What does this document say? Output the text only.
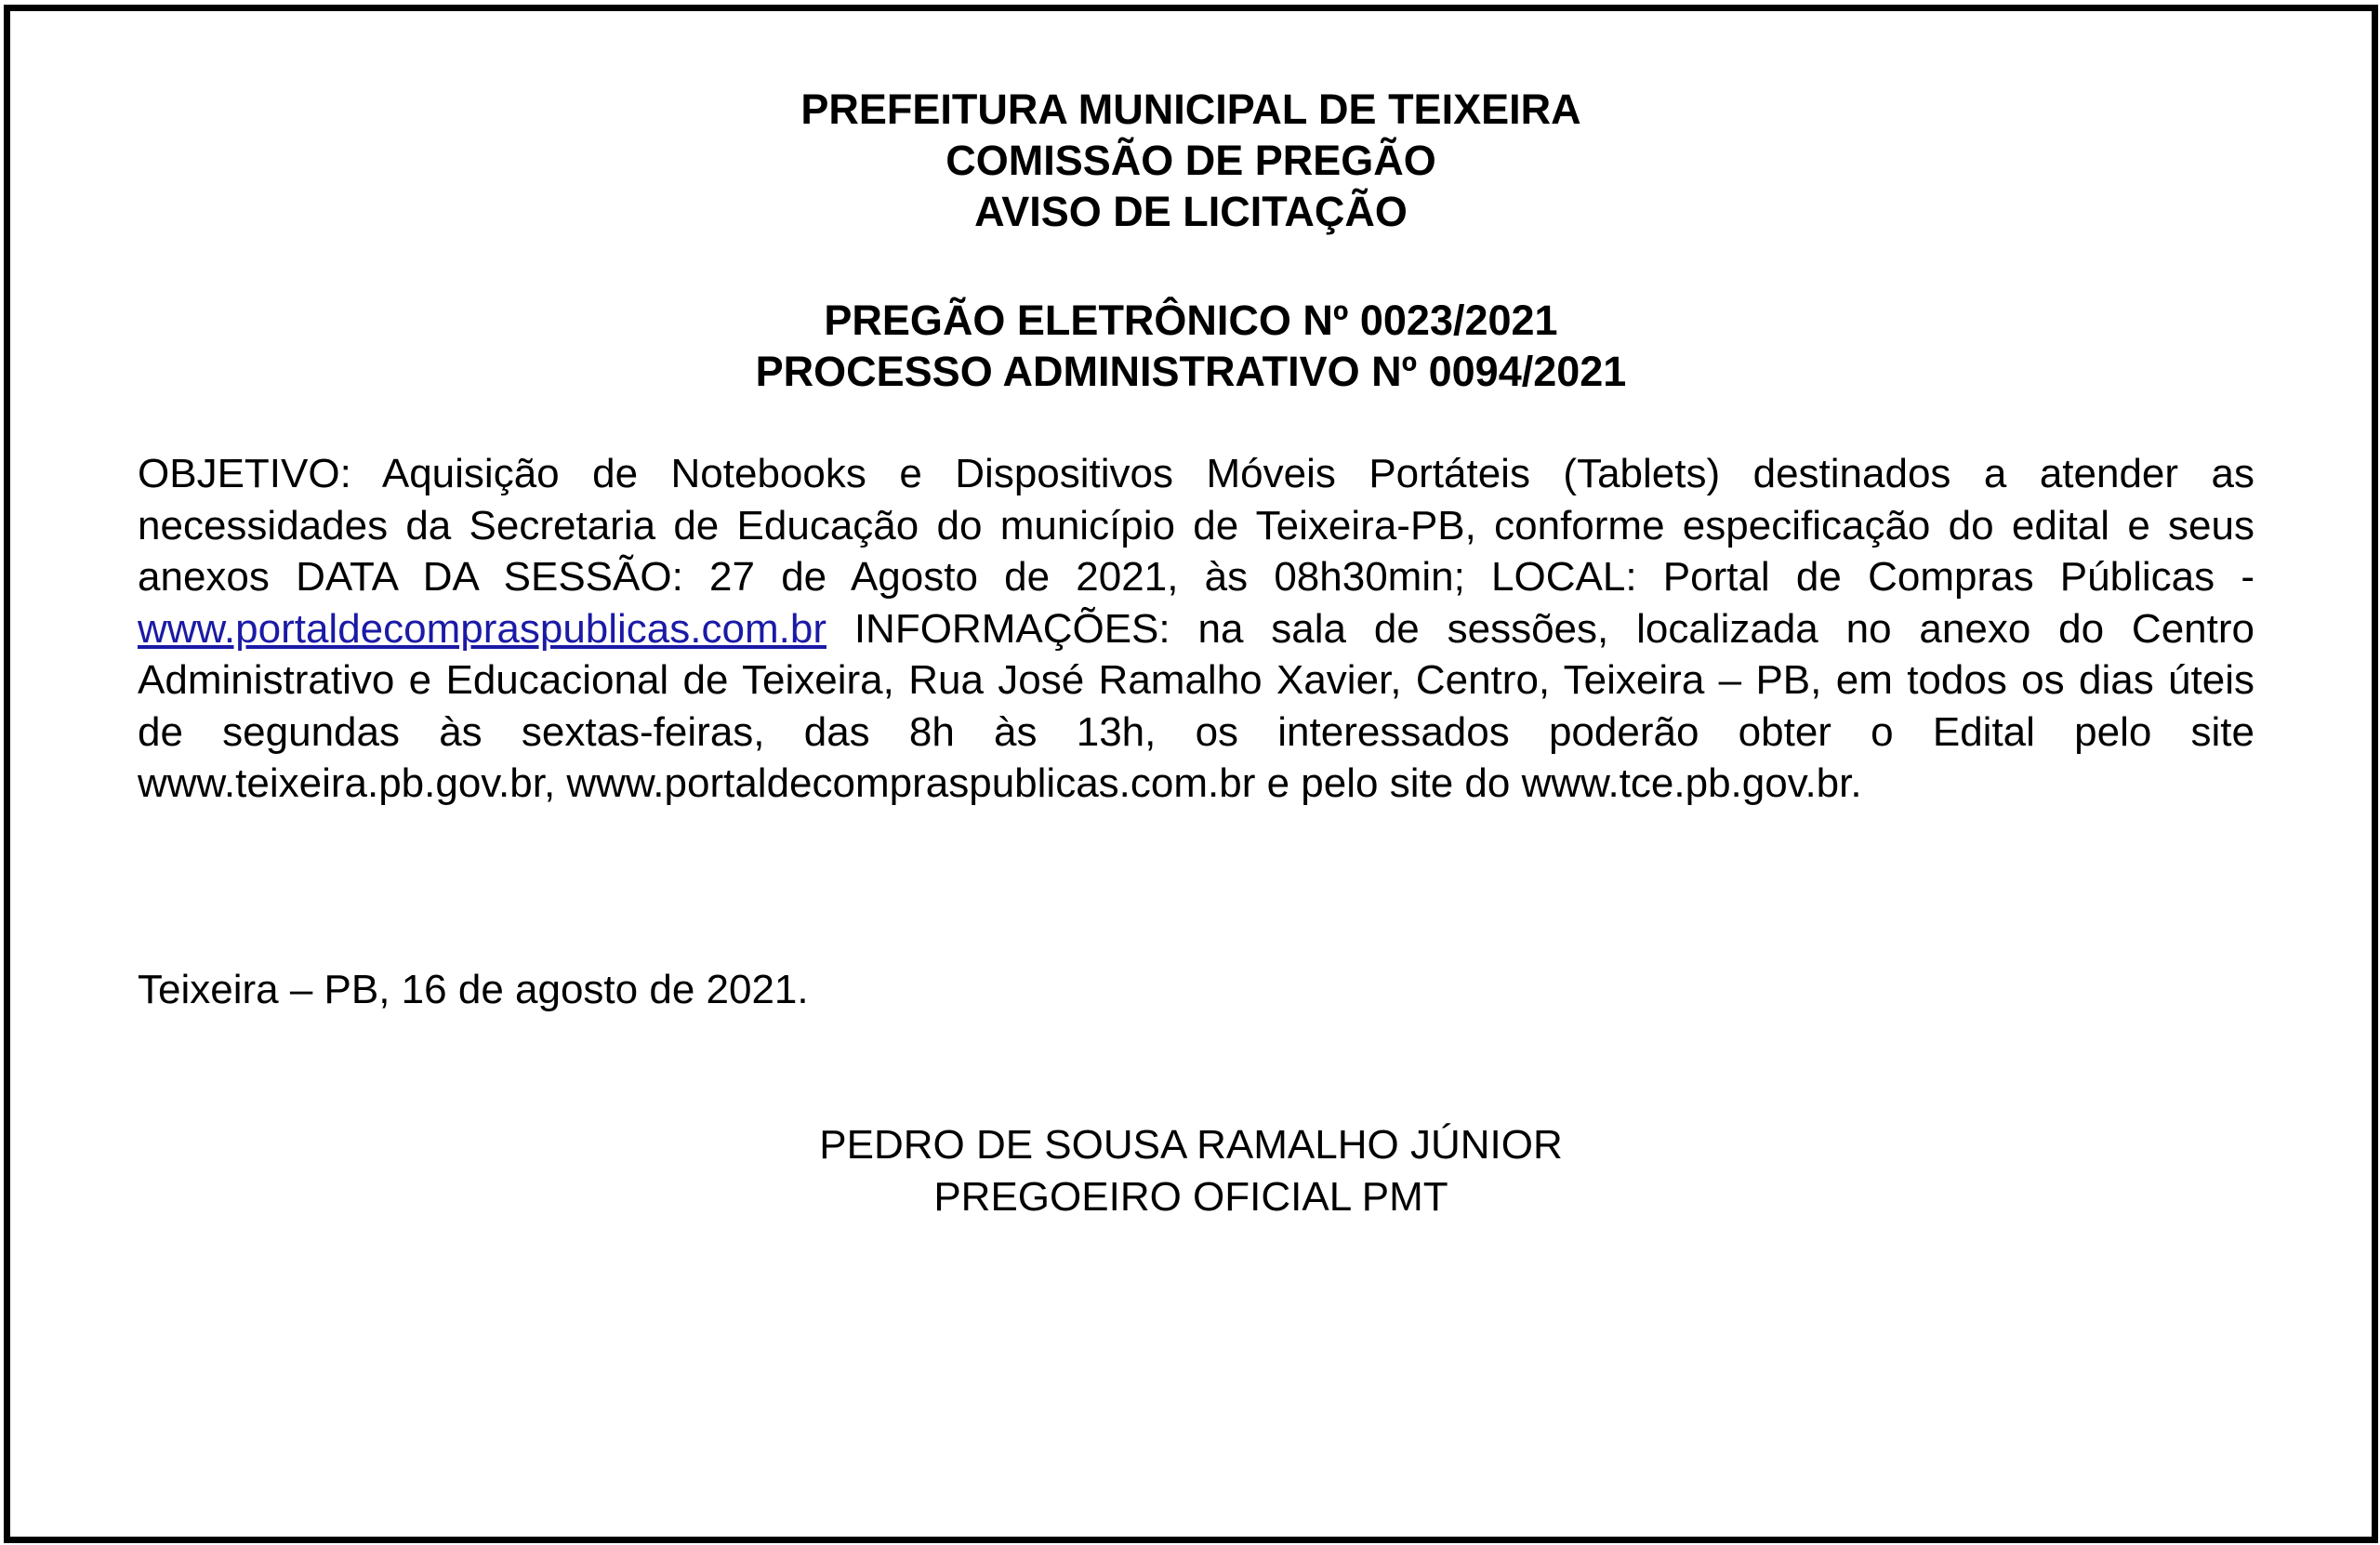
PREFEITURA MUNICIPAL DE TEIXEIRA
COMISSÃO DE PREGÃO
AVISO DE LICITAÇÃO
PREGÃO ELETRÔNICO Nº 0023/2021
PROCESSO ADMINISTRATIVO Nº 0094/2021
OBJETIVO: Aquisição de Notebooks e Dispositivos Móveis Portáteis (Tablets) destinados a atender as necessidades da Secretaria de Educação do município de Teixeira-PB, conforme especificação do edital e seus anexos DATA DA SESSÃO: 27 de Agosto de 2021, às 08h30min; LOCAL: Portal de Compras Públicas - www.portaldecompraspublicas.com.br INFORMAÇÕES: na sala de sessões, localizada no anexo do Centro Administrativo e Educacional de Teixeira, Rua José Ramalho Xavier, Centro, Teixeira – PB, em todos os dias úteis de segundas às sextas-feiras, das 8h às 13h, os interessados poderão obter o Edital pelo site www.teixeira.pb.gov.br, www.portaldecompraspublicas.com.br e pelo site do www.tce.pb.gov.br.
Teixeira – PB, 16 de agosto de 2021.
PEDRO DE SOUSA RAMALHO JÚNIOR
PREGOEIRO OFICIAL PMT
